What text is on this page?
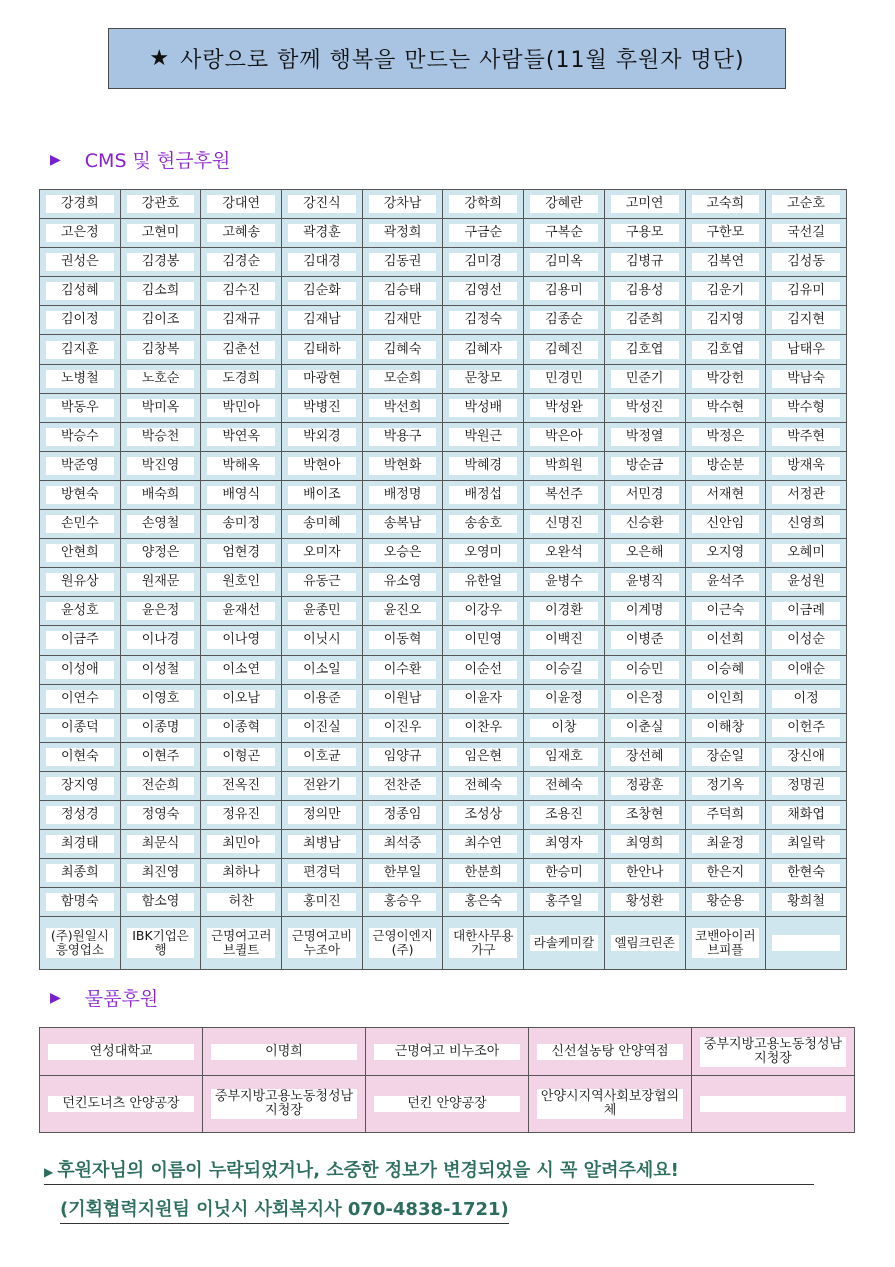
★ 사랑으로 함께 행복을 만드는 사람들(11월 후원자 명단)
▶ CMS 및 현금후원
강경희	강관호	강대연	강진식	강차남	강학희	강혜란	고미연	고숙희	고순호

고은정	고현미	고혜송	곽경훈	곽정희	구금순	구복순	구용모	구한모	국선길

권성은	김경봉	김경순	김대경	김동권	김미경	김미옥	김병규	김복연	김성동

김성혜	김소희	김수진	김순화	김승태	김영선	김용미	김용성	김운기	김유미

김이정	김이조	김재규	김재남	김재만	김정숙	김종순	김준희	김지영	김지현

김지훈	김창복	김춘선	김태하	김혜숙	김혜자	김혜진	김호엽	김호엽	남태우

노병철	노호순	도경희	마광현	모순희	문창모	민경민	민준기	박강헌	박남숙

박동우	박미옥	박민아	박병진	박선희	박성배	박성완	박성진	박수현	박수형

박승수	박승천	박연옥	박외경	박용구	박원근	박은아	박정열	박정은	박주현

박준영	박진영	박해옥	박현아	박현화	박혜경	박희원	방순금	방순분	방재욱

방현숙	배숙희	배영식	배이조	배정명	배정섭	복선주	서민경	서재현	서정관

손민수	손영철	송미정	송미혜	송복남	송송호	신명진	신승환	신안임	신영희

안현희	양정은	엄현경	오미자	오승은	오영미	오완석	오은해	오지영	오혜미

원유상	원재문	원호인	유동근	유소영	유한얼	윤병수	윤병직	윤석주	윤성원

윤성호	윤은정	윤재선	윤종민	윤진오	이강우	이경환	이계명	이근숙	이금례

이금주	이나경	이나영	이닛시	이동혁	이민영	이백진	이병준	이선희	이성순

이성애	이성철	이소연	이소일	이수환	이순선	이승길	이승민	이승혜	이애순

이연수	이영호	이오남	이용준	이원남	이윤자	이윤정	이은정	이인희	이정

이종덕	이종명	이종혁	이진실	이진우	이찬우	이창	이춘실	이해창	이헌주

이현숙	이현주	이형곤	이호균	임양규	임은현	임재호	장선혜	장순일	장신애

장지영	전순희	전옥진	전완기	전찬준	전혜숙	전혜숙	정광훈	정기옥	정명권

정성경	정영숙	정유진	정의만	정종임	조성상	조용진	조창현	주덕희	채화엽

최경태	최문식	최민아	최병남	최석중	최수연	최영자	최영희	최윤정	최일락

최종희	최진영	최하나	편경덕	한부일	한분희	한승미	한안나	한은지	한현숙

함명숙	함소영	허찬	홍미진	홍승우	홍은숙	홍주일	황성환	황순용	황희철

(주)원일시흥영업소	IBK기업은행	근명여고러브퀼트	근명여고비누조아	근영이엔지(주)	대한사무용가구	라솔케미칼	엘림크린존	코밴아이러브피플	

▶ 물품후원
연성대학교	이명희	근명여고 비누조아	신선설농탕 안양역점	중부지방고용노동청성남지청장

던킨도너츠 안양공장	중부지방고용노동청성남지청장	던킨 안양공장	안양시지역사회보장협의체	

▶ 후원자님의 이름이 누락되었거나, 소중한 정보가 변경되었을 시 꼭 알려주세요!
(기획협력지원팀 이닛시 사회복지사 070-4838-1721)
